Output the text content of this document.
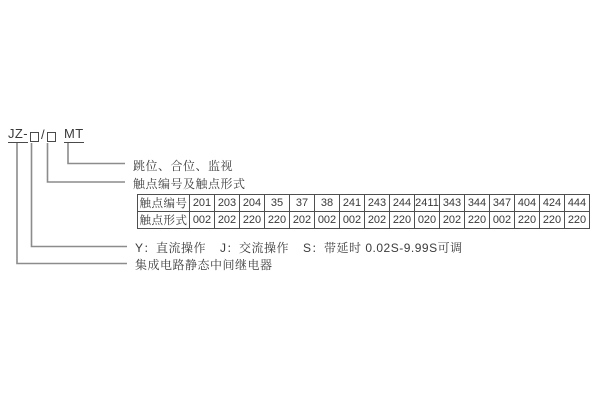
JZ- / MT
跳位、合位、监视
触点编号及触点形式
触点编号	201	203	204	35	37	38	241	243	244	2411	343	344	347	404	424	444
触点形式	002	202	220	220	202	002	002	202	220	020	202	220	002	220	220	220
Y：直流操作 J：交流操作 S：带延时 0.02S-9.99S可调
集成电路静态中间继电器
